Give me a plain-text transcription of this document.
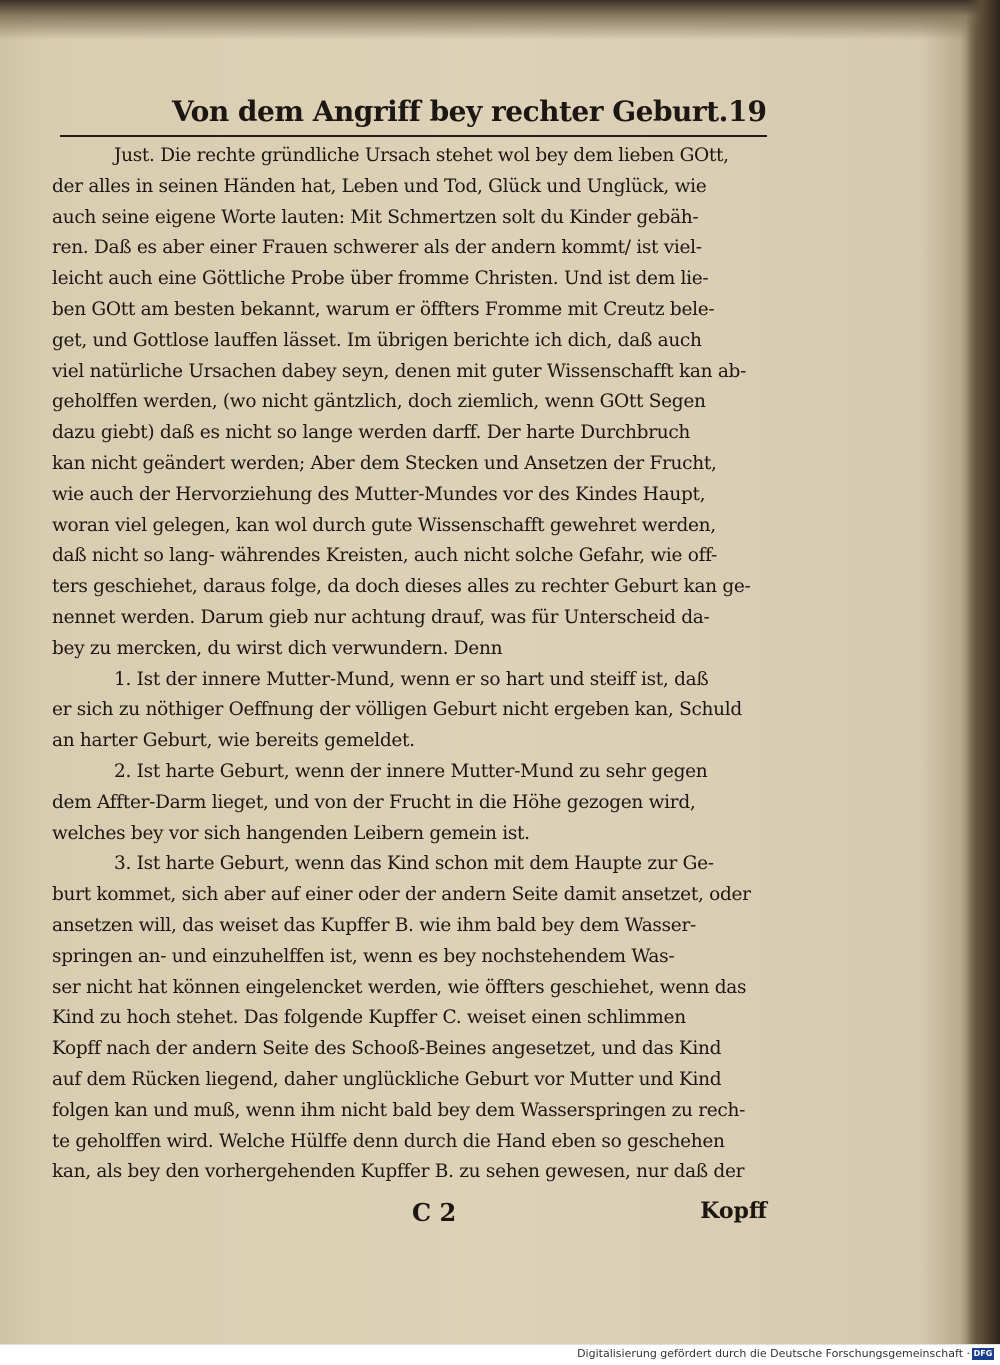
Von dem Angriff bey rechter Geburt. 19
Just. Die rechte gründliche Ursach stehet wol bey dem lieben GOtt,
der alles in seinen Händen hat, Leben und Tod, Glück und Unglück, wie
auch seine eigene Worte lauten: Mit Schmertzen solt du Kinder gebäh-
ren. Daß es aber einer Frauen schwerer als der andern kommt/ ist viel-
leicht auch eine Göttliche Probe über fromme Christen. Und ist dem lie-
ben GOtt am besten bekannt, warum er öffters Fromme mit Creutz bele-
get, und Gottlose lauffen lässet. Im übrigen berichte ich dich, daß auch
viel natürliche Ursachen dabey seyn, denen mit guter Wissenschafft kan ab-
geholffen werden, (wo nicht gäntzlich, doch ziemlich, wenn GOtt Segen
dazu giebt) daß es nicht so lange werden darff. Der harte Durchbruch
kan nicht geändert werden; Aber dem Stecken und Ansetzen der Frucht,
wie auch der Hervorziehung des Mutter-Mundes vor des Kindes Haupt,
woran viel gelegen, kan wol durch gute Wissenschafft gewehret werden,
daß nicht so lang- währendes Kreisten, auch nicht solche Gefahr, wie off-
ters geschiehet, daraus folge, da doch dieses alles zu rechter Geburt kan ge-
nennet werden. Darum gieb nur achtung drauf, was für Unterscheid da-
bey zu mercken, du wirst dich verwundern. Denn
1. Ist der innere Mutter-Mund, wenn er so hart und steiff ist, daß
er sich zu nöthiger Oeffnung der völligen Geburt nicht ergeben kan, Schuld
an harter Geburt, wie bereits gemeldet.
2. Ist harte Geburt, wenn der innere Mutter-Mund zu sehr gegen
dem Affter-Darm lieget, und von der Frucht in die Höhe gezogen wird,
welches bey vor sich hangenden Leibern gemein ist.
3. Ist harte Geburt, wenn das Kind schon mit dem Haupte zur Ge-
burt kommet, sich aber auf einer oder der andern Seite damit ansetzet, oder
ansetzen will, das weiset das Kupffer B. wie ihm bald bey dem Wasser-
springen an- und einzuhelffen ist, wenn es bey nochstehendem Was-
ser nicht hat können eingelencket werden, wie öffters geschiehet, wenn das
Kind zu hoch stehet. Das folgende Kupffer C. weiset einen schlimmen
Kopff nach der andern Seite des Schooß-Beines angesetzet, und das Kind
auf dem Rücken liegend, daher unglückliche Geburt vor Mutter und Kind
folgen kan und muß, wenn ihm nicht bald bey dem Wasserspringen zu rech-
te geholffen wird. Welche Hülffe denn durch die Hand eben so geschehen
kan, als bey den vorhergehenden Kupffer B. zu sehen gewesen, nur daß der
C 2	Kopff
Digitalisierung gefördert durch die Deutsche Forschungsgemeinschaft · DFG
